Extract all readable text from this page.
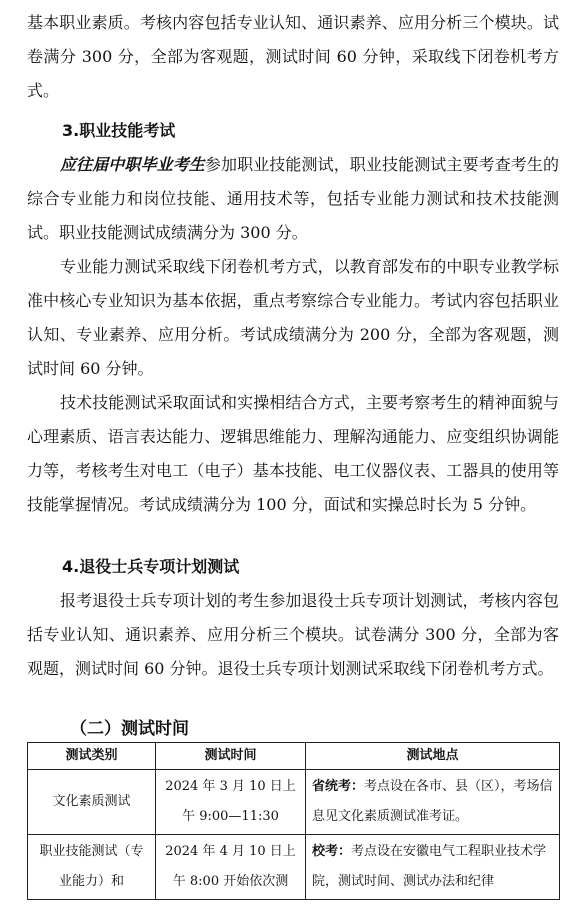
基本职业素质。考核内容包括专业认知、通识素养、应用分析三个模块。试卷满分 300 分，全部为客观题，测试时间 60 分钟，采取线下闭卷机考方式。

3.职业技能考试

应往届中职毕业考生参加职业技能测试，职业技能测试主要考查考生的综合专业能力和岗位技能、通用技术等，包括专业能力测试和技术技能测试。职业技能测试成绩满分为 300 分。

专业能力测试采取线下闭卷机考方式，以教育部发布的中职专业教学标准中核心专业知识为基本依据，重点考察综合专业能力。考试内容包括职业认知、专业素养、应用分析。考试成绩满分为 200 分，全部为客观题，测试时间 60 分钟。

技术技能测试采取面试和实操相结合方式，主要考察考生的精神面貌与心理素质、语言表达能力、逻辑思维能力、理解沟通能力、应变组织协调能力等，考核考生对电工（电子）基本技能、电工仪器仪表、工器具的使用等技能掌握情况。考试成绩满分为 100 分，面试和实操总时长为 5 分钟。

4.退役士兵专项计划测试

报考退役士兵专项计划的考生参加退役士兵专项计划测试，考核内容包括专业认知、通识素养、应用分析三个模块。试卷满分 300 分，全部为客观题，测试时间 60 分钟。退役士兵专项计划测试采取线下闭卷机考方式。

（二）测试时间

测试类别	测试时间	测试地点
文化素质测试	2024 年 3 月 10 日上午 9:00—11:30	省统考：考点设在各市、县（区），考场信息见文化素质测试准考证。
职业技能测试（专业能力）和	2024 年 4 月 10 日上午 8:00 开始依次测	校考：考点设在安徽电气工程职业技术学院，测试时间、测试办法和纪律
